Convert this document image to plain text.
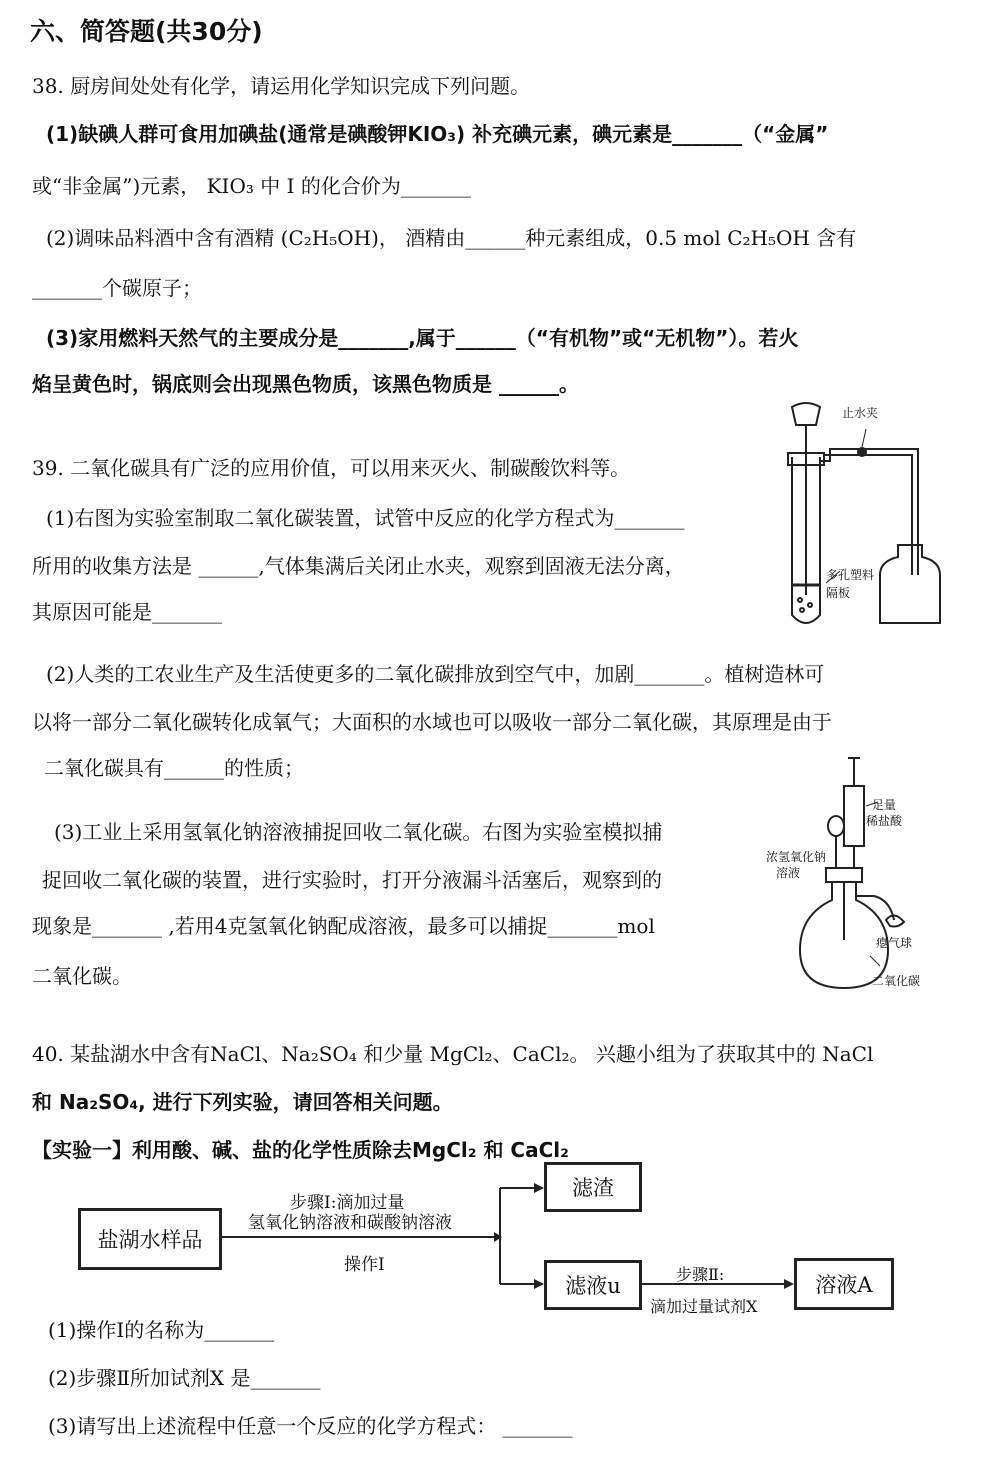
六、简答题(共30分)
38. 厨房间处处有化学，请运用化学知识完成下列问题。
(1)缺碘人群可食用加碘盐(通常是碘酸钾KIO₃) 补充碘元素，碘元素是_______（“金属”
或“非金属”)元素， KIO₃ 中 I 的化合价为_______
(2)调味品料酒中含有酒精 (C₂H₅OH)， 酒精由______种元素组成，0.5 mol C₂H₅OH 含有
_______个碳原子；
(3)家用燃料天然气的主要成分是_______,属于______（“有机物”或“无机物”）。若火
焰呈黄色时，锅底则会出现黑色物质，该黑色物质是 ______。
39. 二氧化碳具有广泛的应用价值，可以用来灭火、制碳酸饮料等。
(1)右图为实验室制取二氧化碳装置，试管中反应的化学方程式为_______
所用的收集方法是 ______,气体集满后关闭止水夹，观察到固液无法分离，
其原因可能是_______
止水夹
多孔塑料
隔板
(2)人类的工农业生产及生活使更多的二氧化碳排放到空气中，加剧_______。植树造林可
以将一部分二氧化碳转化成氧气；大面积的水域也可以吸收一部分二氧化碳，其原理是由于
二氧化碳具有______的性质；
(3)工业上采用氢氧化钠溶液捕捉回收二氧化碳。右图为实验室模拟捕
捉回收二氧化碳的装置，进行实验时，打开分液漏斗活塞后，观察到的
现象是_______ ,若用4克氢氧化钠配成溶液，最多可以捕捉_______mol
二氧化碳。
足量
稀盐酸
浓氢氧化钠
溶液
瘪气球
二氧化碳
40. 某盐湖水中含有NaCl、Na₂SO₄ 和少量 MgCl₂、CaCl₂。 兴趣小组为了获取其中的 NaCl
和 Na₂SO₄, 进行下列实验，请回答相关问题。
【实验一】利用酸、碱、盐的化学性质除去MgCl₂ 和 CaCl₂
盐湖水样品
滤渣
滤液u	溶液A
步骤Ⅰ:滴加过量
氢氧化钠溶液和碳酸钠溶液
操作Ⅰ	步骤Ⅱ:
滴加过量试剂X
(1)操作Ⅰ的名称为_______
(2)步骤Ⅱ所加试剂X 是_______
(3)请写出上述流程中任意一个反应的化学方程式： _______
